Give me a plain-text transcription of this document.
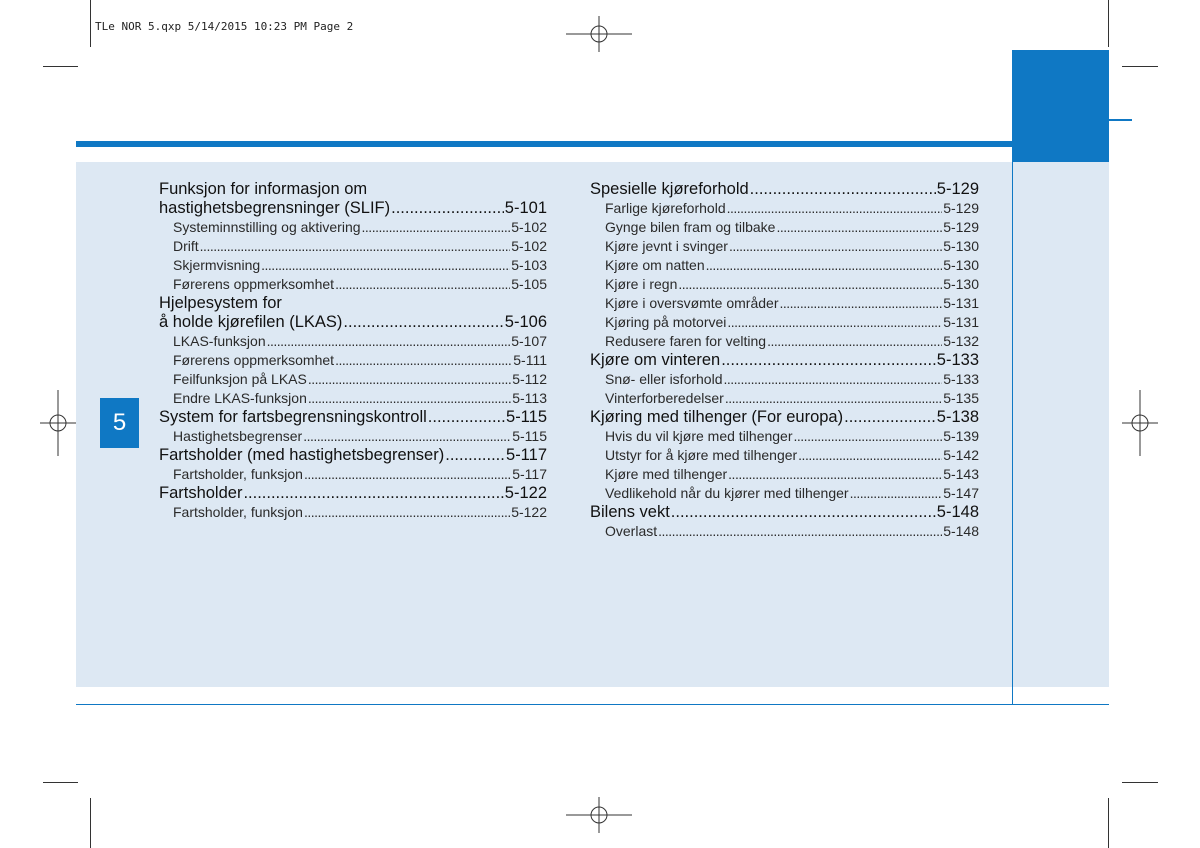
TLe NOR 5.qxp 5/14/2015 10:23 PM Page 2
5
Funksjon for informasjon om
hastighetsbegrensninger (SLIF) .....	5-101
Systeminnstilling og aktivering .....	5-102
Drift .....	5-102
Skjermvisning .....	5-103
Førerens oppmerksomhet .....	5-105
Hjelpesystem for
å holde kjørefilen (LKAS) .....	5-106
LKAS-funksjon .....	5-107
Førerens oppmerksomhet .....	5-111
Feilfunksjon på LKAS .....	5-112
Endre LKAS-funksjon .....	5-113
System for fartsbegrensningskontroll .....	5-115
Hastighetsbegrenser .....	5-115
Fartsholder (med hastighetsbegrenser) .....	5-117
Fartsholder, funksjon .....	5-117
Fartsholder .....	5-122
Fartsholder, funksjon .....	5-122
Spesielle kjøreforhold .....	5-129
Farlige kjøreforhold .....	5-129
Gynge bilen fram og tilbake .....	5-129
Kjøre jevnt i svinger .....	5-130
Kjøre om natten .....	5-130
Kjøre i regn .....	5-130
Kjøre i oversvømte områder .....	5-131
Kjøring på motorvei .....	5-131
Redusere faren for velting .....	5-132
Kjøre om vinteren .....	5-133
Snø- eller isforhold .....	5-133
Vinterforberedelser .....	5-135
Kjøring med tilhenger (For europa) .....	5-138
Hvis du vil kjøre med tilhenger .....	5-139
Utstyr for å kjøre med tilhenger .....	5-142
Kjøre med tilhenger .....	5-143
Vedlikehold når du kjører med tilhenger .....	5-147
Bilens vekt .....	5-148
Overlast .....	5-148
